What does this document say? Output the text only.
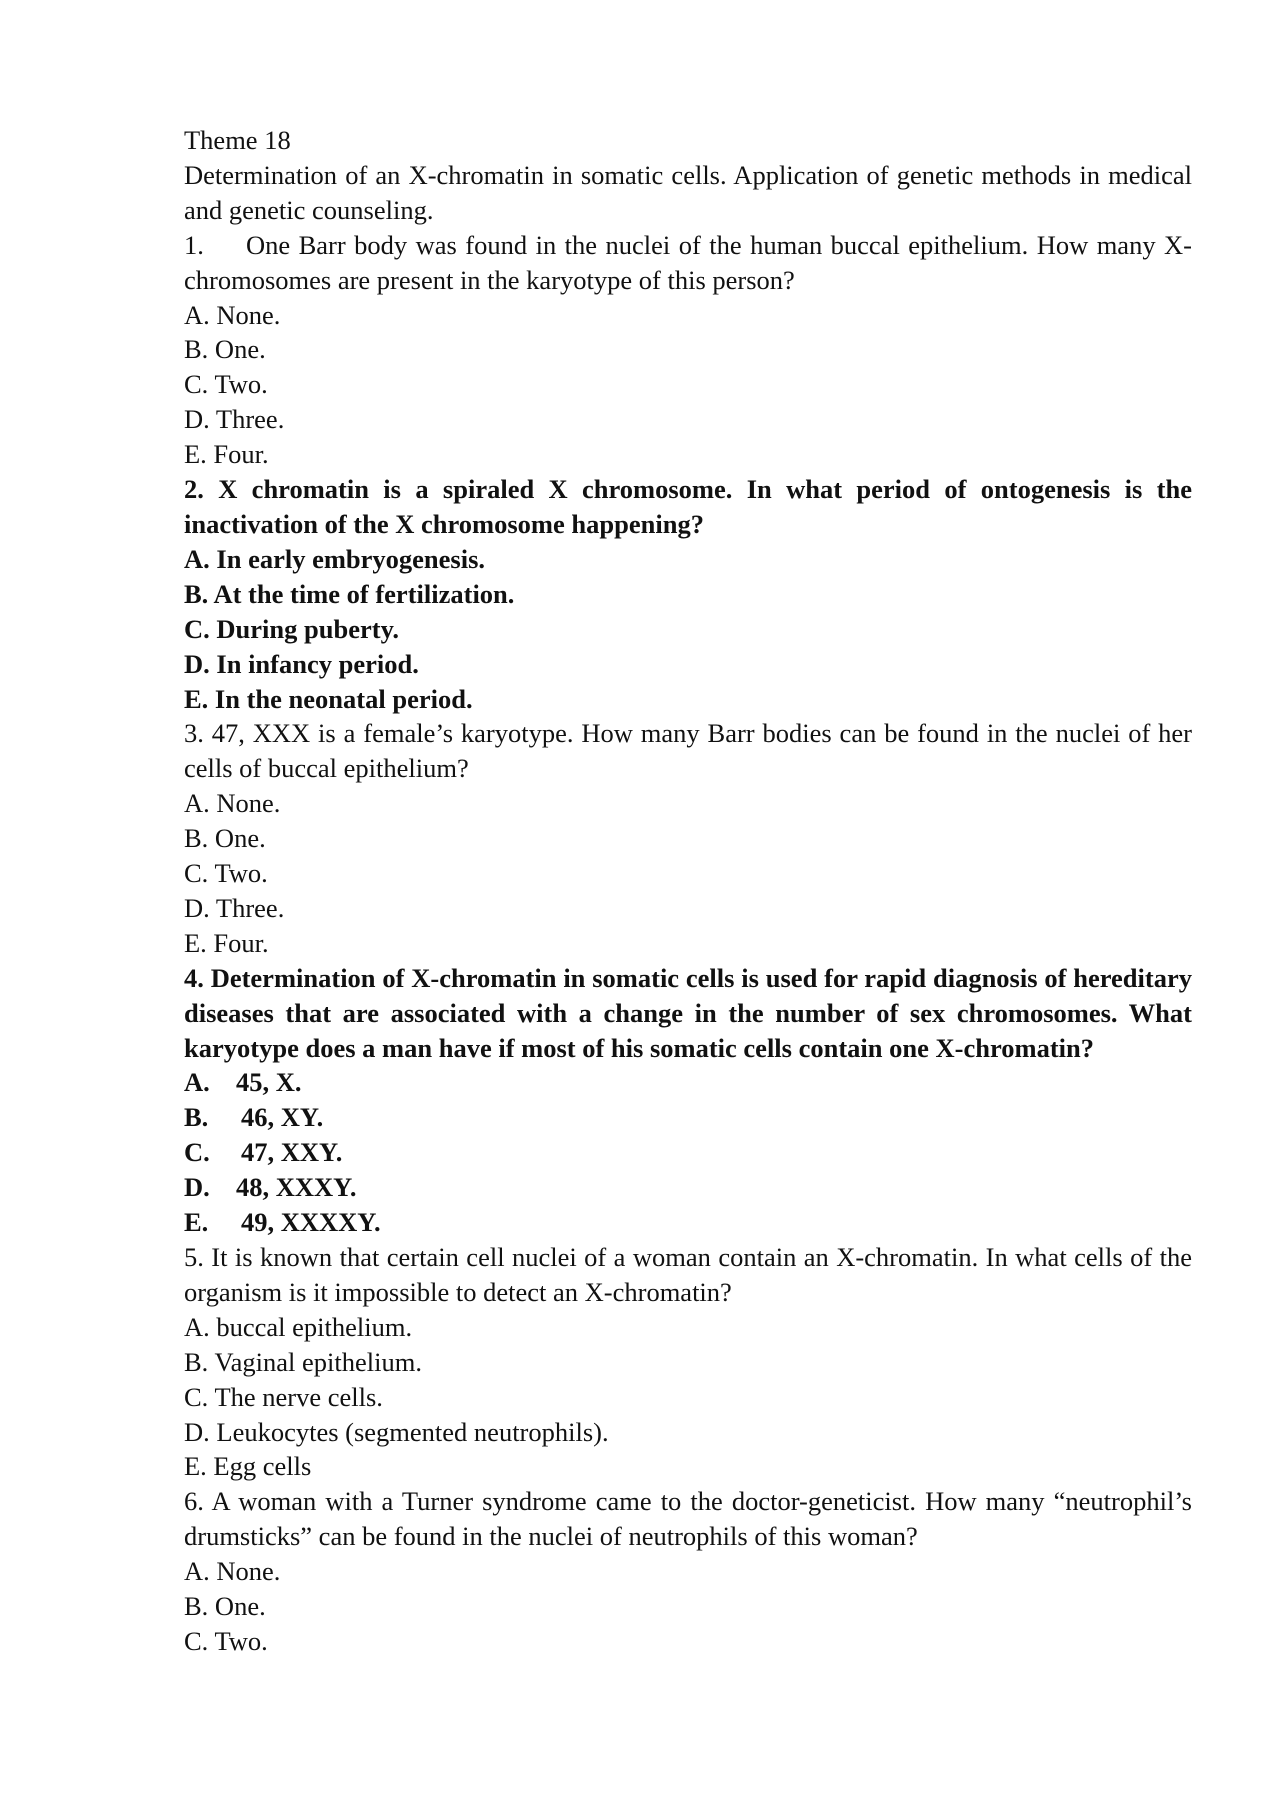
Theme 18
Determination of an X-chromatin in somatic cells. Application of genetic methods in medical and genetic counseling.
1. One Barr body was found in the nuclei of the human buccal epithelium. How many X-chromosomes are present in the karyotype of this person?
A. None.
B. One.
C. Two.
D. Three.
E. Four.
2. X chromatin is a spiraled X chromosome. In what period of ontogenesis is the inactivation of the X chromosome happening?
A. In early embryogenesis.
B. At the time of fertilization.
C. During puberty.
D. In infancy period.
E. In the neonatal period.
3. 47, XXX is a female’s karyotype. How many Barr bodies can be found in the nuclei of her cells of buccal epithelium?
A. None.
B. One.
C. Two.
D. Three.
E. Four.
4. Determination of X-chromatin in somatic cells is used for rapid diagnosis of hereditary diseases that are associated with a change in the number of sex chromosomes. What karyotype does a man have if most of his somatic cells contain one X-chromatin?
A. 45, X.
B. 46, XY.
C. 47, XXY.
D. 48, XXXY.
E. 49, XXXXY.
5. It is known that certain cell nuclei of a woman contain an X-chromatin. In what cells of the organism is it impossible to detect an X-chromatin?
A. buccal epithelium.
B. Vaginal epithelium.
C. The nerve cells.
D. Leukocytes (segmented neutrophils).
E. Egg cells
6. A woman with a Turner syndrome came to the doctor-geneticist. How many “neutrophil’s drumsticks” can be found in the nuclei of neutrophils of this woman?
A. None.
B. One.
C. Two.
